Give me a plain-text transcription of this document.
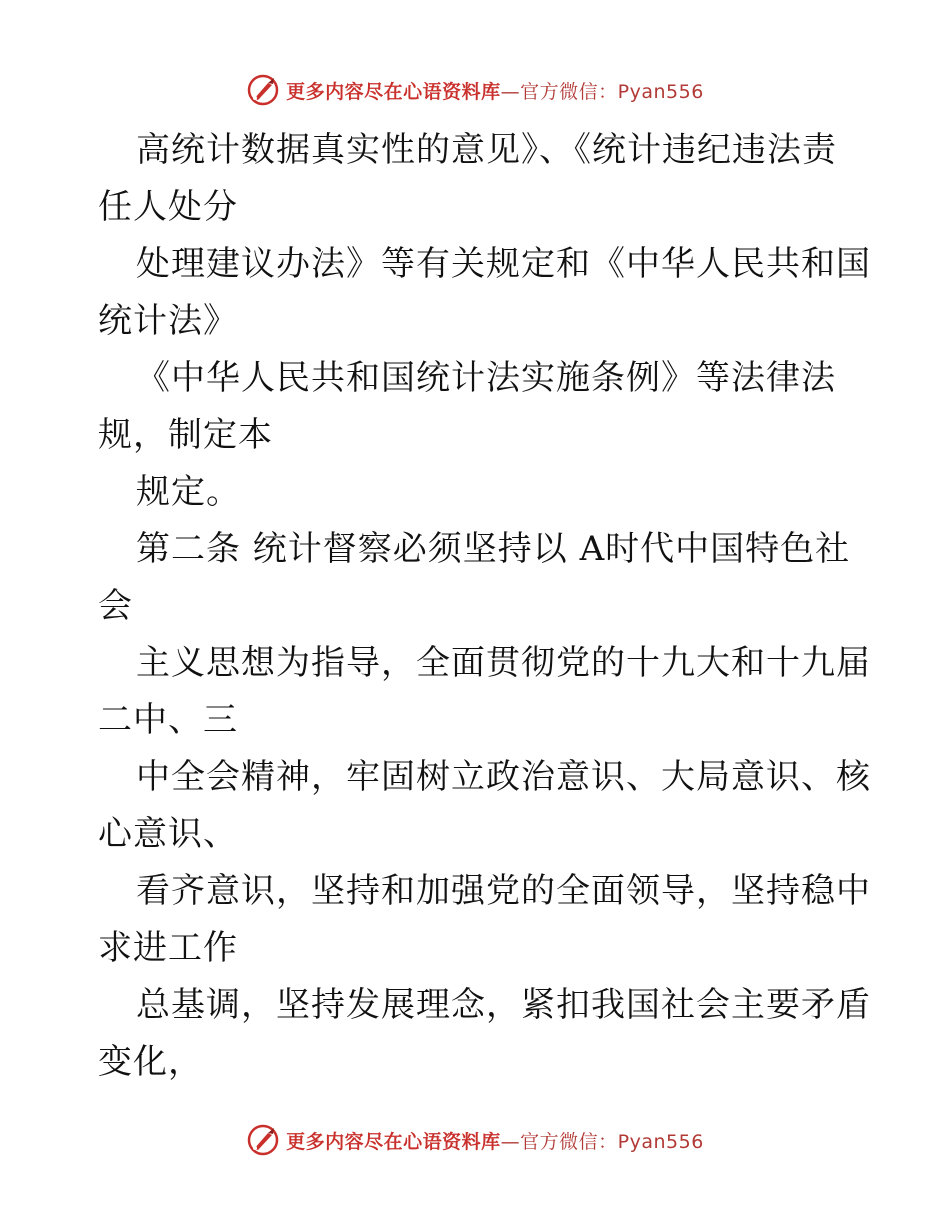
更多内容尽在心语资料库—官方微信：Pyan556
高统计数据真实性的意见》、《统计违纪违法责
任人处分
处理建议办法》等有关规定和《中华人民共和国
统计法》
《中华人民共和国统计法实施条例》等法律法
规，制定本
规定。
第二条 统计督察必须坚持以 A时代中国特色社
会
主义思想为指导，全面贯彻党的十九大和十九届
二中、三
中全会精神，牢固树立政治意识、大局意识、核
心意识、
看齐意识，坚持和加强党的全面领导，坚持稳中
求进工作
总基调，坚持发展理念，紧扣我国社会主要矛盾
变化，
更多内容尽在心语资料库—官方微信：Pyan556
